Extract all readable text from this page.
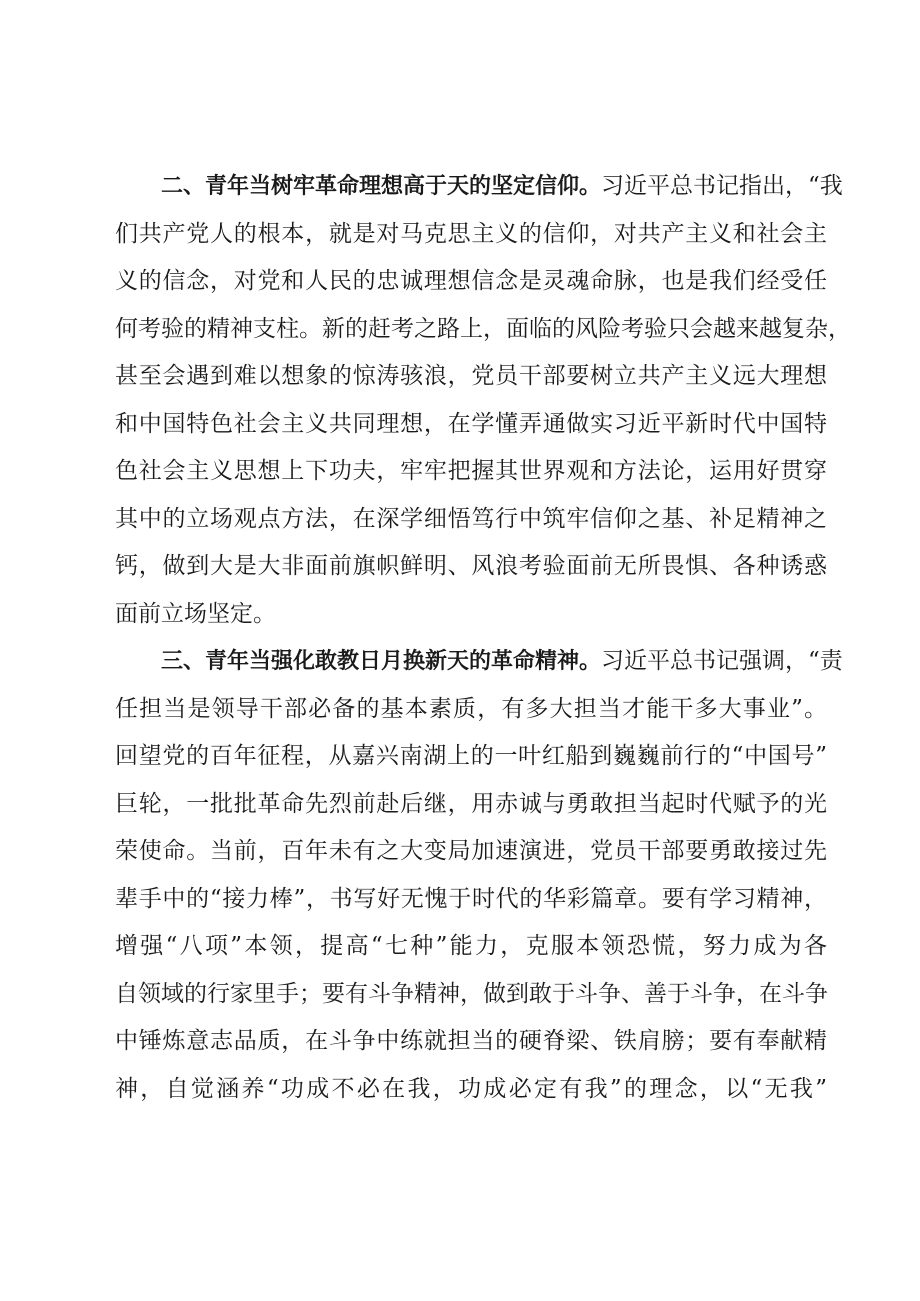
二、青年当树牢革命理想高于天的坚定信仰。习近平总书记指出，“我
们共产党人的根本，就是对马克思主义的信仰，对共产主义和社会主
义的信念，对党和人民的忠诚理想信念是灵魂命脉，也是我们经受任
何考验的精神支柱。新的赶考之路上，面临的风险考验只会越来越复杂，
甚至会遇到难以想象的惊涛骇浪，党员干部要树立共产主义远大理想
和中国特色社会主义共同理想，在学懂弄通做实习近平新时代中国特
色社会主义思想上下功夫，牢牢把握其世界观和方法论，运用好贯穿
其中的立场观点方法，在深学细悟笃行中筑牢信仰之基、补足精神之
钙，做到大是大非面前旗帜鲜明、风浪考验面前无所畏惧、各种诱惑
面前立场坚定。
三、青年当强化敢教日月换新天的革命精神。习近平总书记强调，“责
任担当是领导干部必备的基本素质，有多大担当才能干多大事业”。
回望党的百年征程，从嘉兴南湖上的一叶红船到巍巍前行的“中国号”
巨轮，一批批革命先烈前赴后继，用赤诚与勇敢担当起时代赋予的光
荣使命。当前，百年未有之大变局加速演进，党员干部要勇敢接过先
辈手中的“接力棒”，书写好无愧于时代的华彩篇章。要有学习精神，
增强“八项”本领，提高“七种”能力，克服本领恐慌，努力成为各
自领域的行家里手；要有斗争精神，做到敢于斗争、善于斗争，在斗争
中锤炼意志品质，在斗争中练就担当的硬脊梁、铁肩膀；要有奉献精
神，自觉涵养“功成不必在我，功成必定有我”的理念，以“无我”
